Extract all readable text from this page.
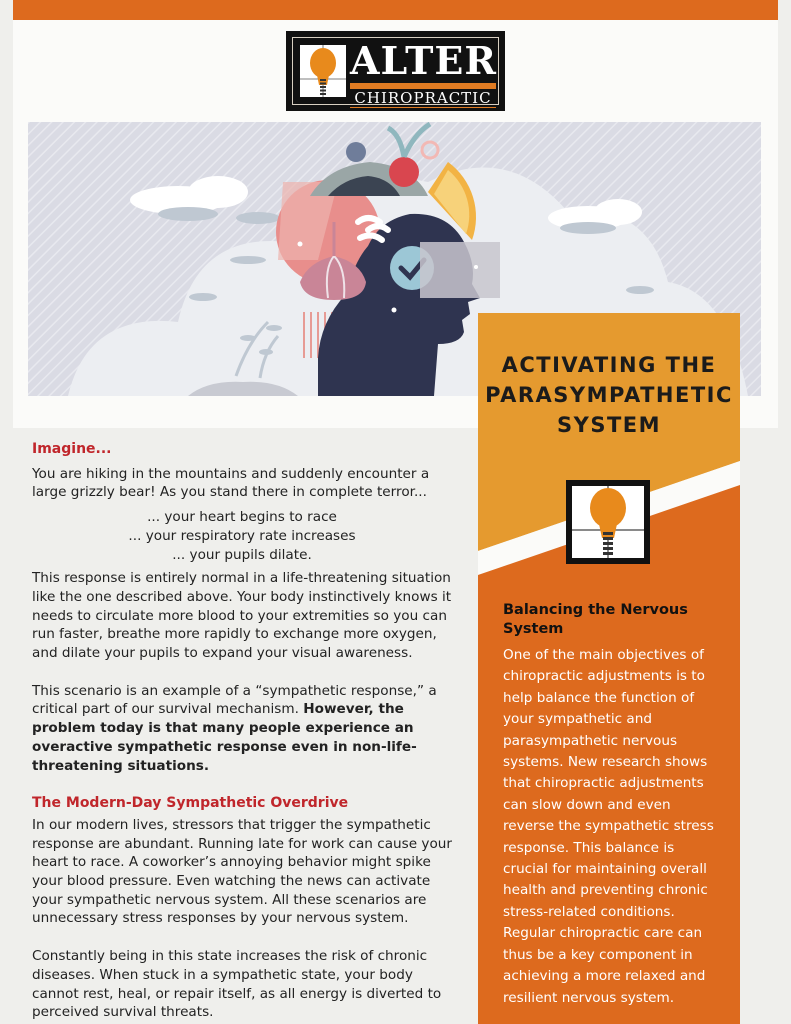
ALTER
CHIROPRACTIC
ACTIVATING THE
PARASYMPATHETIC
SYSTEM
Balancing the Nervous System
One of the main objectives of chiropractic adjustments is to help balance the function of your sympathetic and parasympathetic nervous systems. New research shows that chiropractic adjustments can slow down and even reverse the sympathetic stress response. This balance is crucial for maintaining overall health and preventing chronic stress-related conditions. Regular chiropractic care can thus be a key component in achieving a more relaxed and resilient nervous system.
Imagine...

You are hiking in the mountains and suddenly encounter a large grizzly bear! As you stand there in complete terror...

... your heart begins to race
... your respiratory rate increases
... your pupils dilate.

This response is entirely normal in a life-threatening situation like the one described above. Your body instinctively knows it needs to circulate more blood to your extremities so you can run faster, breathe more rapidly to exchange more oxygen, and dilate your pupils to expand your visual awareness.

This scenario is an example of a “sympathetic response,” a critical part of our survival mechanism. However, the problem today is that many people experience an overactive sympathetic response even in non-life-threatening situations.

The Modern-Day Sympathetic Overdrive

In our modern lives, stressors that trigger the sympathetic response are abundant. Running late for work can cause your heart to race. A coworker’s annoying behavior might spike your blood pressure. Even watching the news can activate your sympathetic nervous system. All these scenarios are unnecessary stress responses by your nervous system.

Constantly being in this state increases the risk of chronic diseases. When stuck in a sympathetic state, your body cannot rest, heal, or repair itself, as all energy is diverted to perceived survival threats.
